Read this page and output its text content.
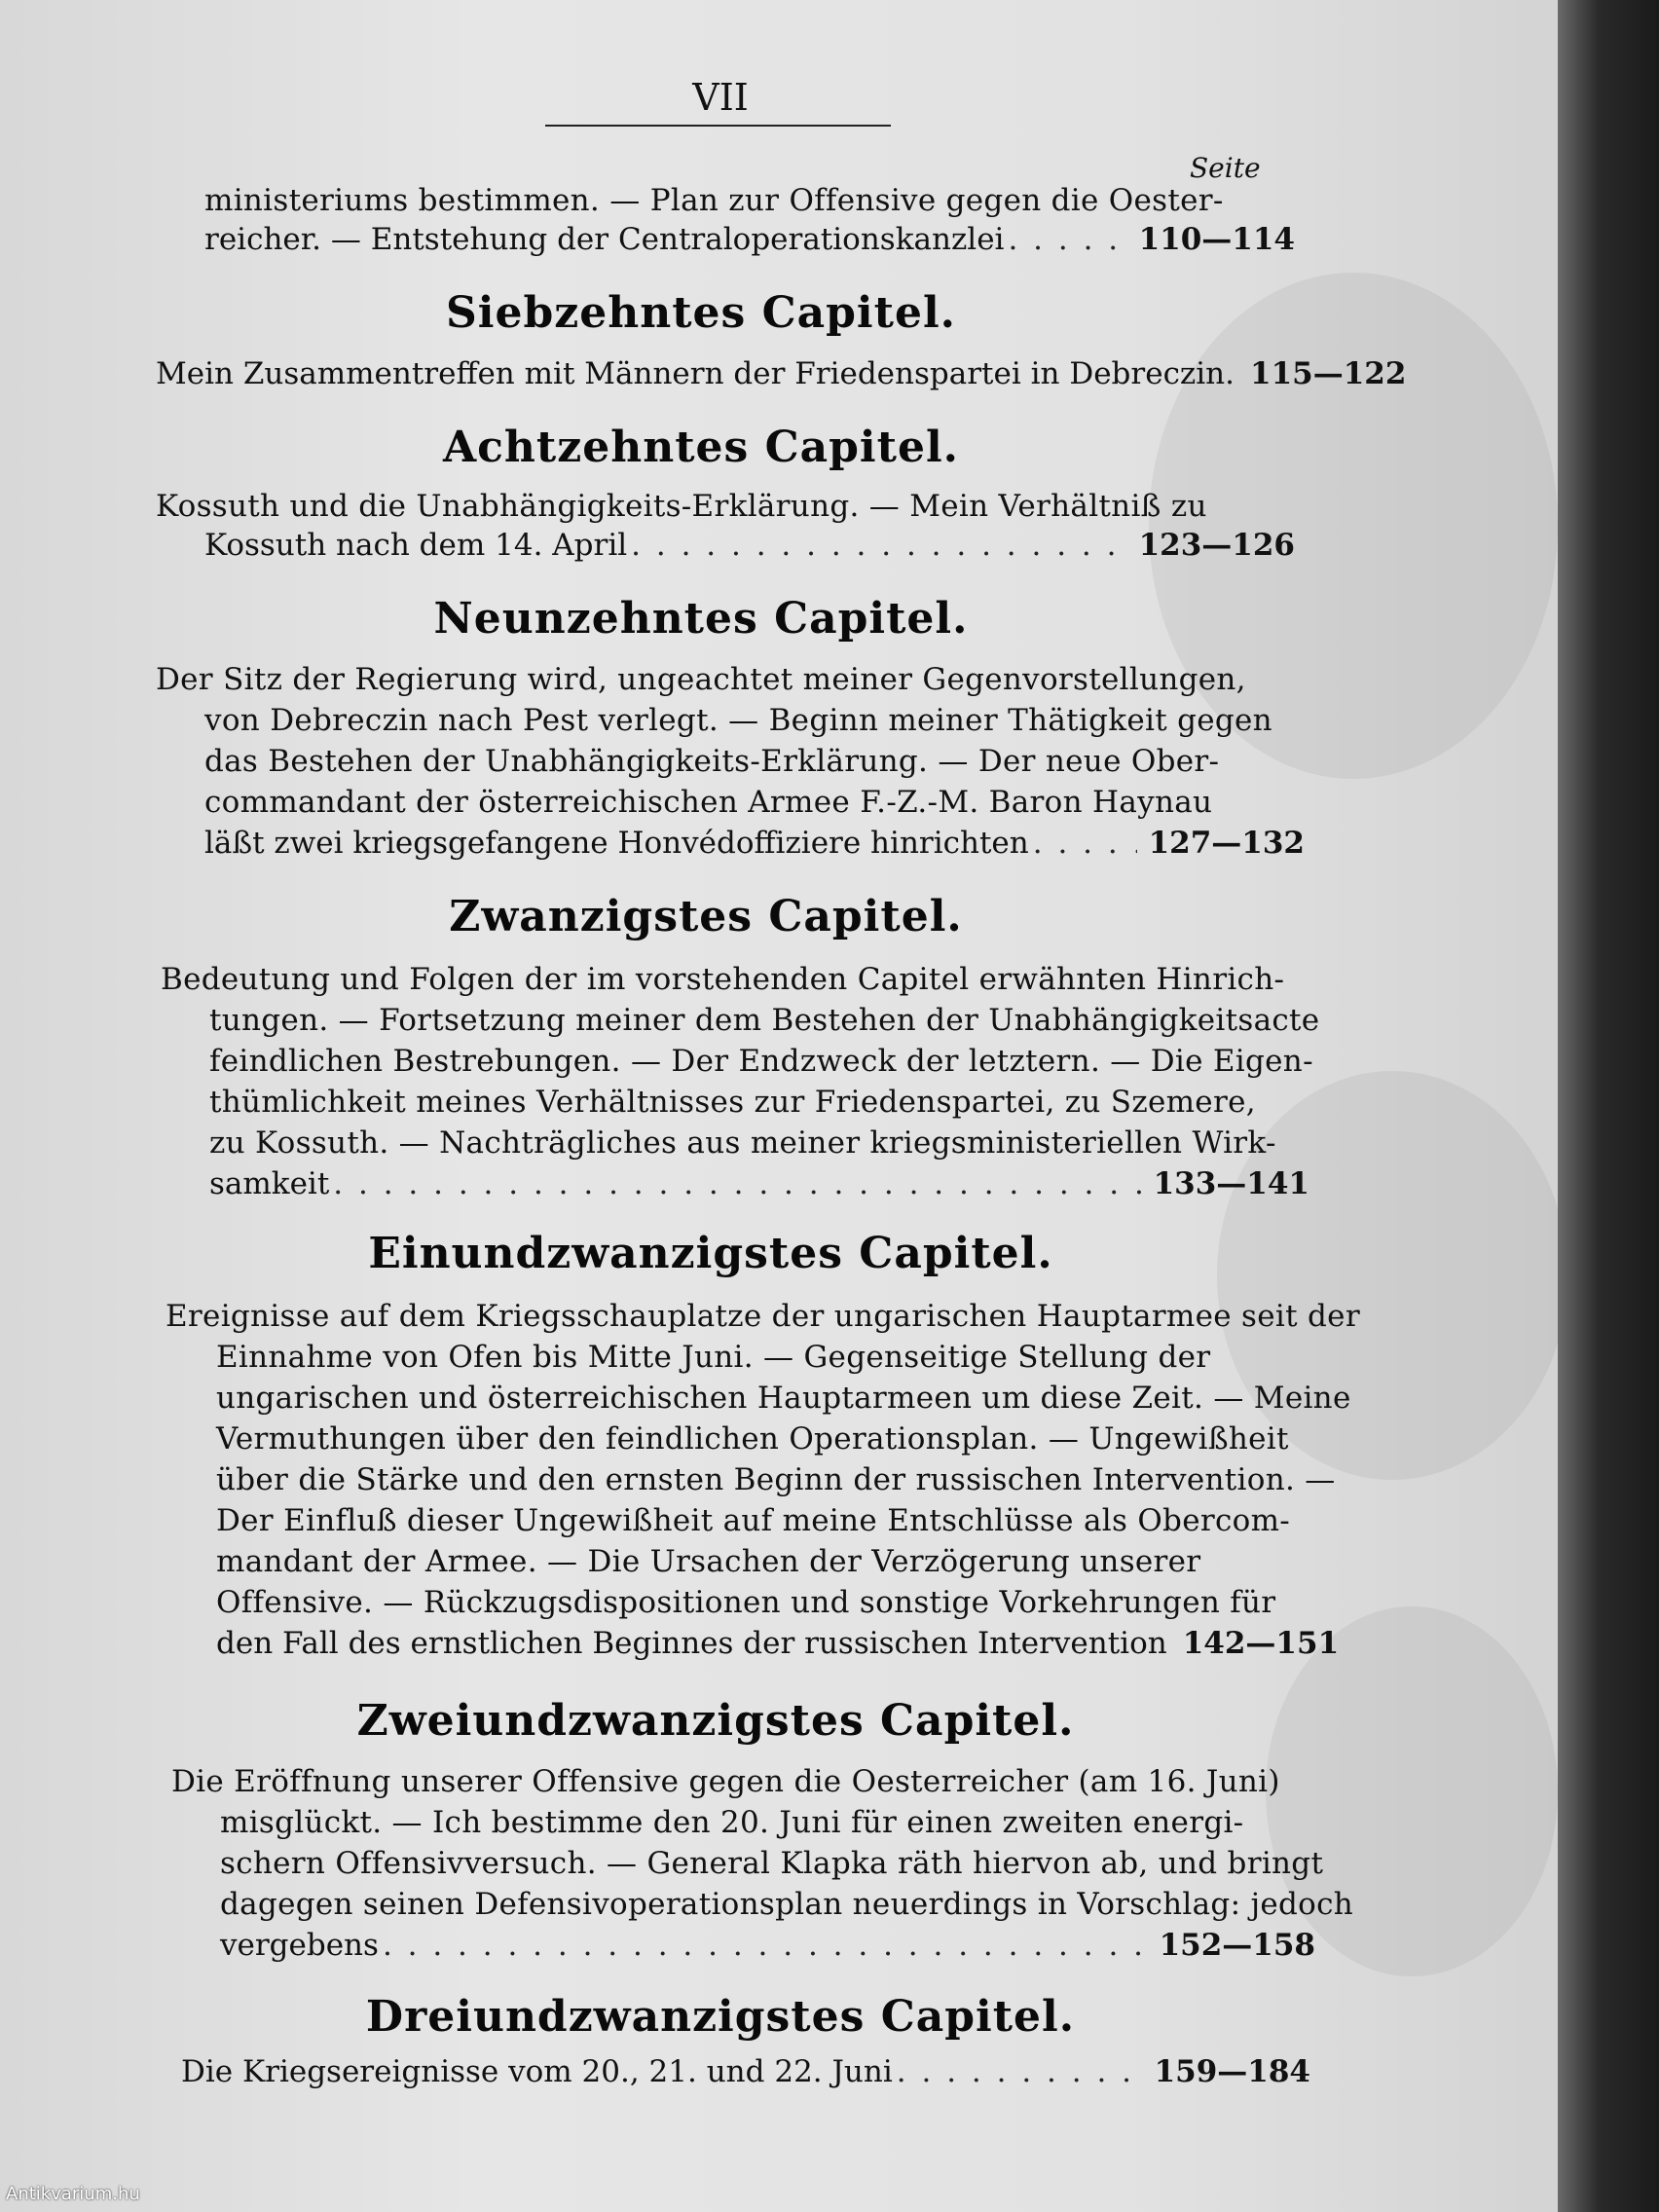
VII
Seite
ministeriums bestimmen. — Plan zur Offensive gegen die Oester-
reicher. — Entstehung der Centraloperationskanzlei . . .	110—114
Siebzehntes Capitel.
Mein Zusammentreffen mit Männern der Friedenspartei in Debreczin. 115—122
Achtzehntes Capitel.
Kossuth und die Unabhängigkeits-Erklärung. — Mein Verhältniß zu
Kossuth nach dem 14. April . . .	123—126
Neunzehntes Capitel.
Der Sitz der Regierung wird, ungeachtet meiner Gegenvorstellungen,
von Debreczin nach Pest verlegt. — Beginn meiner Thätigkeit gegen
das Bestehen der Unabhängigkeits-Erklärung. — Der neue Ober-
commandant der österreichischen Armee F.-Z.-M. Baron Haynau
läßt zwei kriegsgefangene Honvédoffiziere hinrichten . . .	127—132
Zwanzigstes Capitel.
Bedeutung und Folgen der im vorstehenden Capitel erwähnten Hinrich-
tungen. — Fortsetzung meiner dem Bestehen der Unabhängigkeitsacte
feindlichen Bestrebungen. — Der Endzweck der letztern. — Die Eigen-
thümlichkeit meines Verhältnisses zur Friedenspartei, zu Szemere,
zu Kossuth. — Nachträgliches aus meiner kriegsministeriellen Wirk-
samkeit . . .	133—141
Einundzwanzigstes Capitel.
Ereignisse auf dem Kriegsschauplatze der ungarischen Hauptarmee seit der
Einnahme von Ofen bis Mitte Juni. — Gegenseitige Stellung der
ungarischen und österreichischen Hauptarmeen um diese Zeit. — Meine
Vermuthungen über den feindlichen Operationsplan. — Ungewißheit
über die Stärke und den ernsten Beginn der russischen Intervention. —
Der Einfluß dieser Ungewißheit auf meine Entschlüsse als Obercom-
mandant der Armee. — Die Ursachen der Verzögerung unserer
Offensive. — Rückzugsdispositionen und sonstige Vorkehrungen für
den Fall des ernstlichen Beginnes der russischen Intervention 142—151
Zweiundzwanzigstes Capitel.
Die Eröffnung unserer Offensive gegen die Oesterreicher (am 16. Juni)
misglückt. — Ich bestimme den 20. Juni für einen zweiten energi-
schern Offensivversuch. — General Klapka räth hiervon ab, und bringt
dagegen seinen Defensivoperationsplan neuerdings in Vorschlag: jedoch
vergebens . . .	152—158
Dreiundzwanzigstes Capitel.
Die Kriegsereignisse vom 20., 21. und 22. Juni . . .	159—184
Antikvarium.hu
